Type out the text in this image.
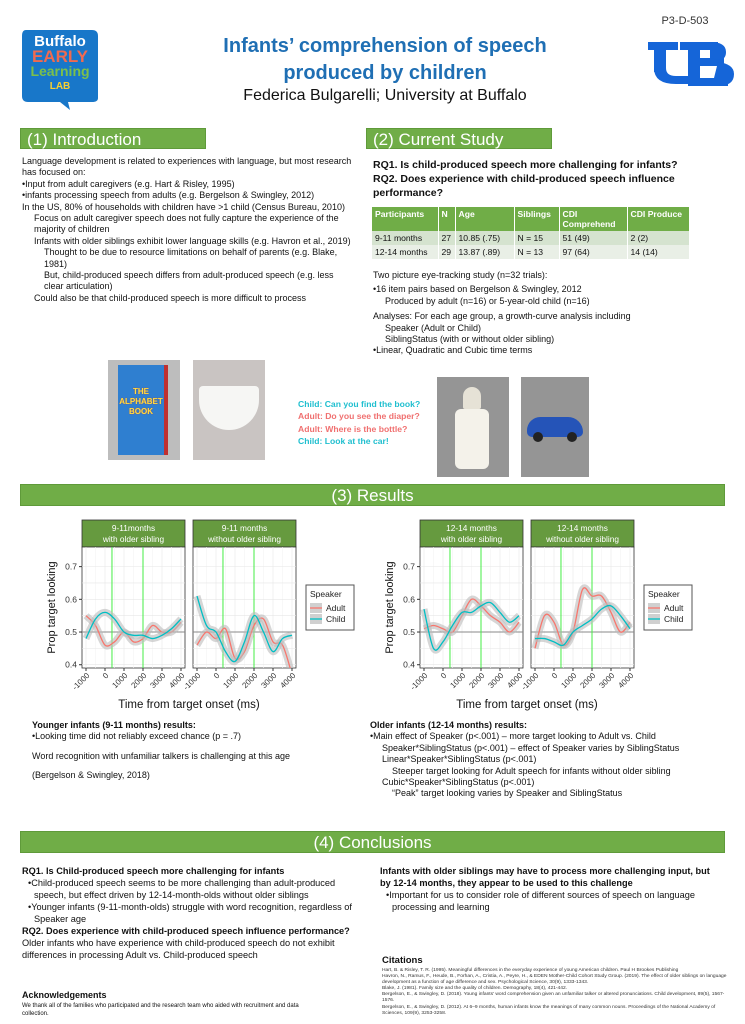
Buffalo
EARLY
Learning
LAB
Infants’ comprehension of speech
produced by children
Federica Bulgarelli; University at Buffalo
P3-D-503
(1) Introduction

Language development is related to experiences with language, but most research has focused on:

•Input from adult caregivers (e.g. Hart & Risley, 1995)

•infants processing speech from adults (e.g. Bergelson & Swingley, 2012)

In the US, 80% of households with children have >1 child (Census Bureau, 2010)

Focus on adult caregiver speech does not fully capture the experience of the majority of children

Infants with older siblings exhibit lower language skills (e.g. Havron et al., 2019)

Thought to be due to resource limitations on behalf of parents (e.g. Blake, 1981)

But, child-produced speech differs from adult-produced speech (e.g. less clear articulation)

Could also be that child-produced speech is more difficult to process

(2) Current Study

RQ1. Is child-produced speech more challenging for infants?

RQ2. Does experience with child-produced speech influence performance?

Participants	N	Age	Siblings	CDI Comprehend	CDI Produce
9-11 months	27	10.85 (.75)	N = 15	51 (49)	2 (2)
12-14 months	29	13.87 (.89)	N = 13	97 (64)	14 (14)

Two picture eye-tracking study (n=32 trials):

•16 item pairs based on Bergelson & Swingley, 2012

Produced by adult (n=16) or 5-year-old child (n=16)

Analyses: For each age group, a growth-curve analysis including

Speaker (Adult or Child)

SiblingStatus (with or without older sibling)

•Linear, Quadratic and Cubic time terms

THE ALPHABET BOOK

Child: Can you find the book?

Adult: Do you see the diaper?

Adult: Where is the bottle?

Child: Look at the car!

(3) Results
9-11months
with older sibling
-1000 0 1000 2000 3000 4000
0.4
0.5
0.6
0.7
Prop target looking
9-11 months
without older sibling
-1000 0 1000 2000 3000 4000
Time from target onset (ms)
Speaker
Adult
Child
12-14 months
with older sibling
-1000 0 1000 2000 3000 4000
0.4
0.5
0.6
0.7
Prop target looking
12-14 months
without older sibling
-1000 0 1000 2000 3000 4000
Time from target onset (ms)
Speaker
Adult
Child

Younger infants (9-11 months) results:

•Looking time did not reliably exceed chance (p = .7)

Word recognition with unfamiliar talkers is challenging at this age

(Bergelson & Swingley, 2018)

Older infants (12-14 months) results:

•Main effect of Speaker (p<.001) – more target looking to Adult vs. Child

Speaker*SiblingStatus (p<.001) – effect of Speaker varies by SiblingStatus

Linear*Speaker*SiblingStatus (p<.001)

Steeper target looking for Adult speech for infants without older sibling

Cubic*Speaker*SiblingStatus (p<.001)

“Peak” target looking varies by Speaker and SiblingStatus

(4) Conclusions

RQ1. Is Child-produced speech more challenging for infants

•Child-produced speech seems to be more challenging than adult-produced speech, but effect driven by 12-14-month-olds without older siblings

•Younger infants (9-11-month-olds) struggle with word recognition, regardless of Speaker age

RQ2. Does experience with child-produced speech influence performance?

Older infants who have experience with child-produced speech do not exhibit differences in processing Adult vs. Child-produced speech

Infants with older siblings may have to process more challenging input, but by 12-14 months, they appear to be used to this challenge

•Important for us to consider role of different sources of speech on language processing and learning

Acknowledgements

We thank all of the families who participated and the research team who aided with recruitment and data collection.

Citations

Hart, B. & Risley, T. R. (1995). Meaningful differences in the everyday experience of young American children. Paul H Brookes Publishing

Havron, N., Ramus, F., Heude, B., Forhan, A., Cristia, A., Peyre, H., & EDEN Mother-Child Cohort Study Group. (2019). The effect of older siblings on language development as a function of age difference and sex. Psychological Science, 30(9), 1333-1343.

Blake, J. (1981). Family size and the quality of children. Demography, 18(4), 421-442.

Bergelson, E., & Swingley, D. (2018). Young infants' word comprehension given an unfamiliar talker or altered pronunciations. Child development, 89(5), 1567-1576.

Bergelson, E., & Swingley, D. (2012). At 6–9 months, human infants know the meanings of many common nouns. Proceedings of the National Academy of Sciences, 109(9), 3253-3258.
